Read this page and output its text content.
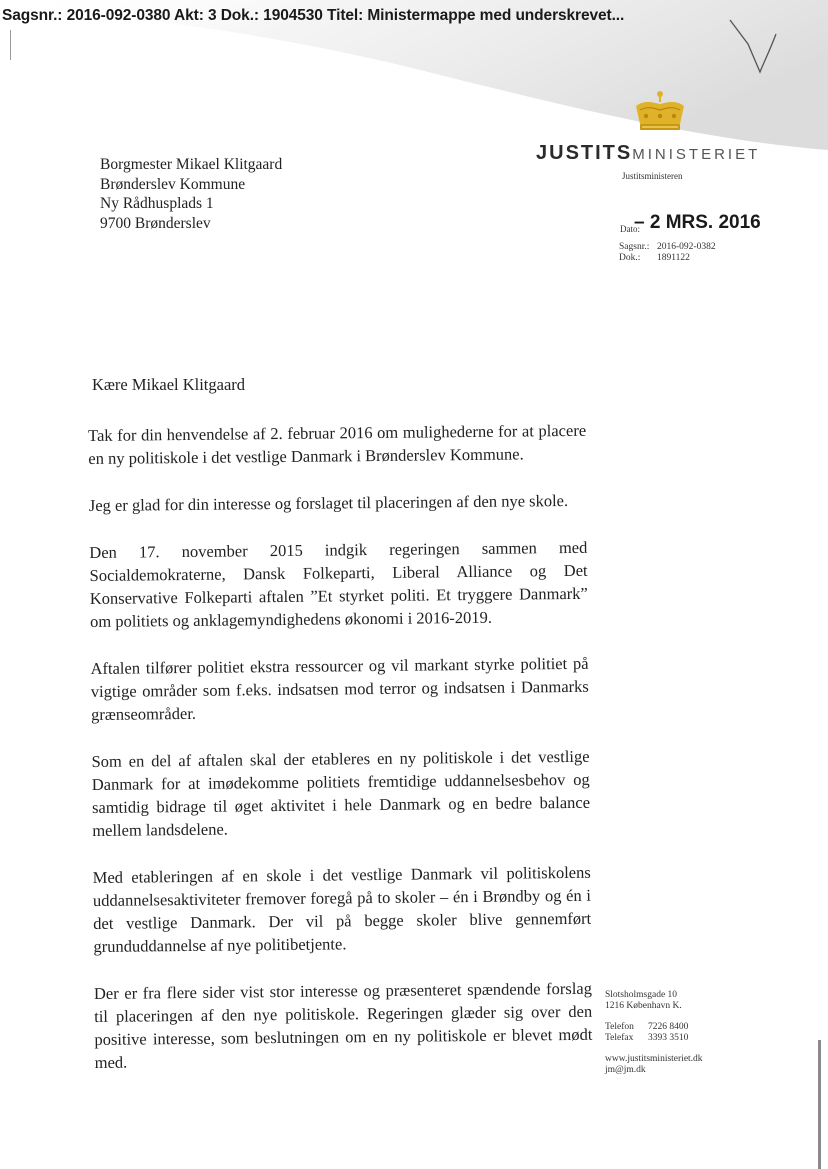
Sagsnr.: 2016-092-0380 Akt: 3 Dok.: 1904530 Titel: Ministermappe med underskrevet...
JUSTITSMINISTERIET
Justitsministeren
Borgmester Mikael Klitgaard
Brønderslev Kommune
Ny Rådhusplads 1
9700 Brønderslev	Dato:
– 2 MRS. 2016
Sagsnr.: 2016-092-0382
Dok.: 1891122
Kære Mikael Klitgaard

Tak for din henvendelse af 2. februar 2016 om mulighederne for at placere en ny politiskole i det vestlige Danmark i Brønderslev Kommune.

Jeg er glad for din interesse og forslaget til placeringen af den nye skole.

Den 17. november 2015 indgik regeringen sammen med Socialdemokraterne, Dansk Folkeparti, Liberal Alliance og Det Konservative Folkeparti aftalen ”Et styrket politi. Et tryggere Danmark” om politiets og anklagemyndighedens økonomi i 2016-2019.

Aftalen tilfører politiet ekstra ressourcer og vil markant styrke politiet på vigtige områder som f.eks. indsatsen mod terror og indsatsen i Danmarks grænseområder.

Som en del af aftalen skal der etableres en ny politiskole i det vestlige Danmark for at imødekomme politiets fremtidige uddannelsesbehov og samtidig bidrage til øget aktivitet i hele Danmark og en bedre balance mellem landsdelene.

Med etableringen af en skole i det vestlige Danmark vil politiskolens uddannelsesaktiviteter fremover foregå på to skoler – én i Brøndby og én i det vestlige Danmark. Der vil på begge skoler blive gennemført grunduddannelse af nye politibetjente.

Der er fra flere sider vist stor interesse og præsenteret spændende forslag til placeringen af den nye politiskole. Regeringen glæder sig over den positive interesse, som beslutningen om en ny politiskole er blevet mødt med.

Slotsholmsgade 10
1216 København K.
Telefon 7226 8400
Telefax 3393 3510
www.justitsministeriet.dk
jm@jm.dk
